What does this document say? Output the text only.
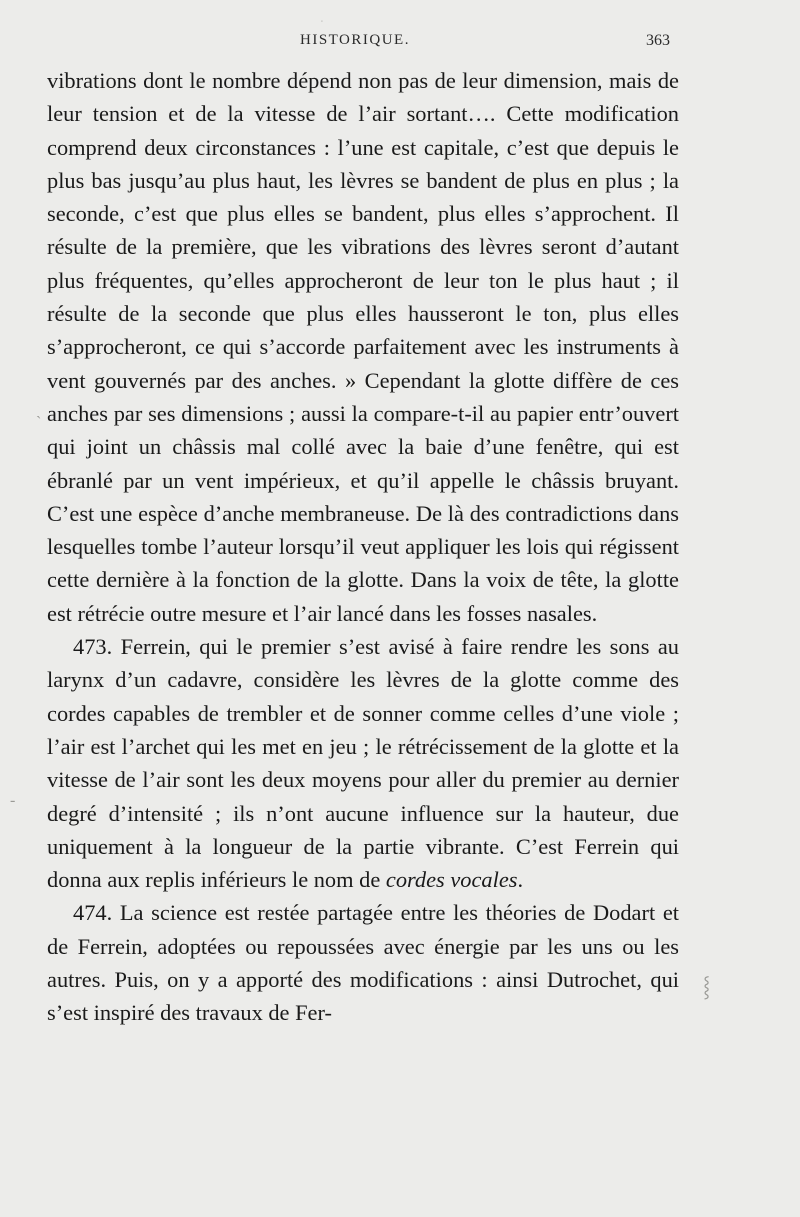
.⁠
HISTORIQUE.	363

vibrations dont le nombre dépend non pas de leur dimension, mais de leur tension et de la vitesse de l’air sortant…. Cette modification comprend deux circonstances : l’une est capitale, c’est que depuis le plus bas jusqu’au plus haut, les lèvres se bandent de plus en plus ; la seconde, c’est que plus elles se bandent, plus elles s’approchent. Il résulte de la première, que les vibrations des lèvres seront d’autant plus fréquentes, qu’elles approcheront de leur ton le plus haut ; il résulte de la seconde que plus elles hausseront le ton, plus elles s’approcheront, ce qui s’accorde parfaitement avec les instruments à vent gouvernés par des anches. » Cependant la glotte diffère de ces anches par ses dimensions ; aussi la compare-t-il au papier entr’ouvert qui joint un châssis mal collé avec la baie d’une fenêtre, qui est ébranlé par un vent impérieux, et qu’il appelle le châssis bruyant. C’est une espèce d’anche membraneuse. De là des contradictions dans lesquelles tombe l’auteur lorsqu’il veut appliquer les lois qui régissent cette dernière à la fonction de la glotte. Dans la voix de tête, la glotte est rétrécie outre mesure et l’air lancé dans les fosses nasales.

473. Ferrein, qui le premier s’est avisé à faire rendre les sons au larynx d’un cadavre, considère les lèvres de la glotte comme des cordes capables de trembler et de sonner comme celles d’une viole ; l’air est l’archet qui les met en jeu ; le rétrécissement de la glotte et la vitesse de l’air sont les deux moyens pour aller du premier au dernier degré d’intensité ; ils n’ont aucune influence sur la hauteur, due uniquement à la longueur de la partie vibrante. C’est Ferrein qui donna aux replis inférieurs le nom de cordes vocales.

474. La science est restée partagée entre les théories de Dodart et de Ferrein, adoptées ou repoussées avec énergie par les uns ou les autres. Puis, on y a apporté des modifications : ainsi Dutrochet, qui s’est inspiré des travaux de Fer-

⸾
‐
ˏ
